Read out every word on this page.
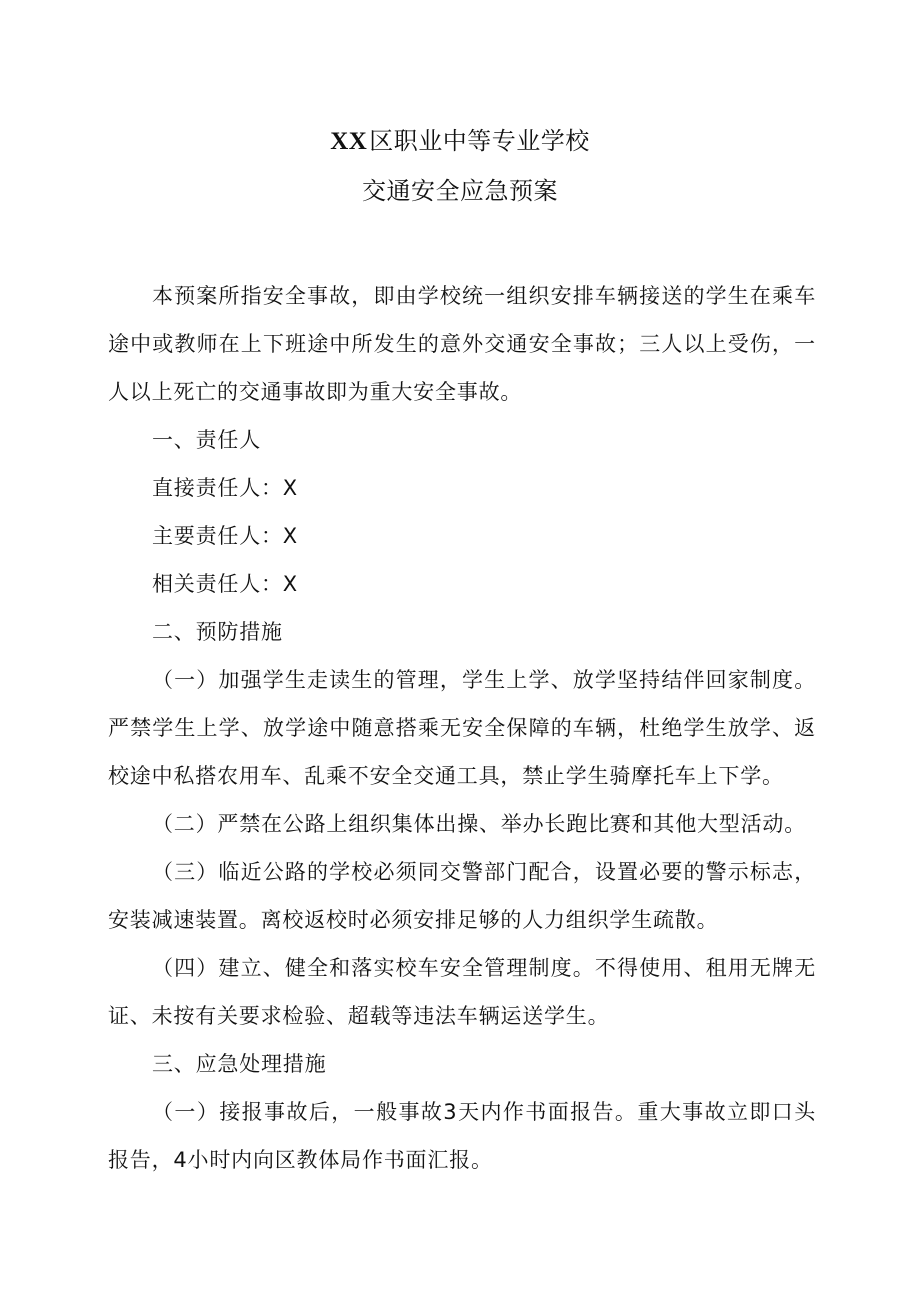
XX区职业中等专业学校
交通安全应急预案

本预案所指安全事故，即由学校统一组织安排车辆接送的学生在乘车途中或教师在上下班途中所发生的意外交通安全事故；三人以上受伤，一人以上死亡的交通事故即为重大安全事故。

一、责任人

直接责任人：X

主要责任人：X

相关责任人：X

二、预防措施

（一）加强学生走读生的管理，学生上学、放学坚持结伴回家制度。严禁学生上学、放学途中随意搭乘无安全保障的车辆，杜绝学生放学、返校途中私搭农用车、乱乘不安全交通工具，禁止学生骑摩托车上下学。

（二）严禁在公路上组织集体出操、举办长跑比赛和其他大型活动。

（三）临近公路的学校必须同交警部门配合，设置必要的警示标志，安装减速装置。离校返校时必须安排足够的人力组织学生疏散。

（四）建立、健全和落实校车安全管理制度。不得使用、租用无牌无证、未按有关要求检验、超载等违法车辆运送学生。

三、应急处理措施

（一）接报事故后，一般事故3天内作书面报告。重大事故立即口头报告，4小时内向区教体局作书面汇报。
